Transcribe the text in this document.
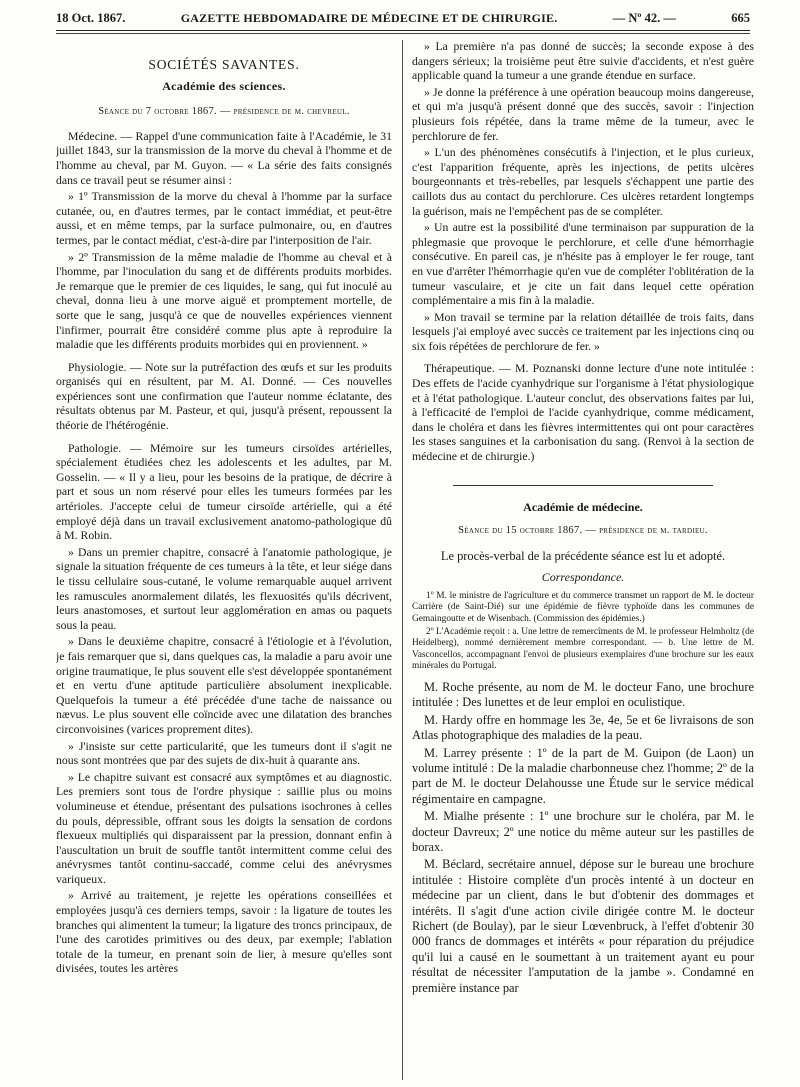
18 Oct. 1867.	GAZETTE HEBDOMADAIRE DE MÉDECINE ET DE CHIRURGIE.	— Nº 42. —	665
SOCIÉTÉS SAVANTES.
Académie des sciences.
Séance du 7 octobre 1867. — présidence de m. chevreul.

Médecine. — Rappel d'une communication faite à l'Académie, le 31 juillet 1843, sur la transmission de la morve du cheval à l'homme et de l'homme au cheval, par M. Guyon. — « La série des faits consignés dans ce travail peut se résumer ainsi :

» 1º Transmission de la morve du cheval à l'homme par la surface cutanée, ou, en d'autres termes, par le contact immédiat, et peut-être aussi, et en même temps, par la surface pulmonaire, ou, en d'autres termes, par le contact médiat, c'est-à-dire par l'interposition de l'air.

» 2º Transmission de la même maladie de l'homme au cheval et à l'homme, par l'inoculation du sang et de différents produits morbides. Je remarque que le premier de ces liquides, le sang, qui fut inoculé au cheval, donna lieu à une morve aiguë et promptement mortelle, de sorte que le sang, jusqu'à ce que de nouvelles expériences viennent l'infirmer, pourrait être considéré comme plus apte à reproduire la maladie que les différents produits morbides qui en proviennent. »

Physiologie. — Note sur la putréfaction des œufs et sur les produits organisés qui en résultent, par M. Al. Donné. — Ces nouvelles expériences sont une confirmation que l'auteur nomme éclatante, des résultats obtenus par M. Pasteur, et qui, jusqu'à présent, repoussent la théorie de l'hétérogénie.

Pathologie. — Mémoire sur les tumeurs cirsoïdes artérielles, spécialement étudiées chez les adolescents et les adultes, par M. Gosselin. — « Il y a lieu, pour les besoins de la pratique, de décrire à part et sous un nom réservé pour elles les tumeurs formées par les artérioles. J'accepte celui de tumeur cirsoïde artérielle, qui a été employé déjà dans un travail exclusivement anatomo-pathologique dû à M. Robin.

» Dans un premier chapitre, consacré à l'anatomie pathologique, je signale la situation fréquente de ces tumeurs à la tête, et leur siége dans le tissu cellulaire sous-cutané, le volume remarquable auquel arrivent les ramuscules anormalement dilatés, les flexuosités qu'ils décrivent, leurs anastomoses, et surtout leur agglomération en amas ou paquets sous la peau.

» Dans le deuxième chapitre, consacré à l'étiologie et à l'évolution, je fais remarquer que si, dans quelques cas, la maladie a paru avoir une origine traumatique, le plus souvent elle s'est développée spontanément et en vertu d'une aptitude particulière absolument inexplicable. Quelquefois la tumeur a été précédée d'une tache de naissance ou nævus. Le plus souvent elle coïncide avec une dilatation des branches circonvoisines (varices proprement dites).

» J'insiste sur cette particularité, que les tumeurs dont il s'agit ne nous sont montrées que par des sujets de dix-huit à quarante ans.

» Le chapitre suivant est consacré aux symptômes et au diagnostic. Les premiers sont tous de l'ordre physique : saillie plus ou moins volumineuse et étendue, présentant des pulsations isochrones à celles du pouls, dépressible, offrant sous les doigts la sensation de cordons flexueux multipliés qui disparaissent par la pression, donnant enfin à l'auscultation un bruit de souffle tantôt intermittent comme celui des anévrysmes tantôt continu-saccadé, comme celui des anévrysmes variqueux.

» Arrivé au traitement, je rejette les opérations conseillées et employées jusqu'à ces derniers temps, savoir : la ligature de toutes les branches qui alimentent la tumeur; la ligature des troncs principaux, de l'une des carotides primitives ou des deux, par exemple; l'ablation totale de la tumeur, en prenant soin de lier, à mesure qu'elles sont divisées, toutes les artères

» La première n'a pas donné de succès; la seconde expose à des dangers sérieux; la troisième peut être suivie d'accidents, et n'est guère applicable quand la tumeur a une grande étendue en surface.

» Je donne la préférence à une opération beaucoup moins dangereuse, et qui m'a jusqu'à présent donné que des succès, savoir : l'injection plusieurs fois répétée, dans la trame même de la tumeur, avec le perchlorure de fer.

» L'un des phénomènes consécutifs à l'injection, et le plus curieux, c'est l'apparition fréquente, après les injections, de petits ulcères bourgeonnants et très-rebelles, par lesquels s'échappent une partie des caillots dus au contact du perchlorure. Ces ulcères retardent longtemps la guérison, mais ne l'empêchent pas de se compléter.

» Un autre est la possibilité d'une terminaison par suppuration de la phlegmasie que provoque le perchlorure, et celle d'une hémorrhagie consécutive. En pareil cas, je n'hésite pas à employer le fer rouge, tant en vue d'arrêter l'hémorrhagie qu'en vue de compléter l'oblitération de la tumeur vasculaire, et je cite un fait dans lequel cette opération complémentaire a mis fin à la maladie.

» Mon travail se termine par la relation détaillée de trois faits, dans lesquels j'ai employé avec succès ce traitement par les injections cinq ou six fois répétées de perchlorure de fer. »

Thérapeutique. — M. Poznanski donne lecture d'une note intitulée : Des effets de l'acide cyanhydrique sur l'organisme à l'état physiologique et à l'état pathologique. L'auteur conclut, des observations faites par lui, à l'efficacité de l'emploi de l'acide cyanhydrique, comme médicament, dans le choléra et dans les fièvres intermittentes qui ont pour caractères les stases sanguines et la carbonisation du sang. (Renvoi à la section de médecine et de chirurgie.)

Académie de médecine.
Séance du 15 octobre 1867. — présidence de m. tardieu.

Le procès-verbal de la précédente séance est lu et adopté.

Correspondance.

1º M. le ministre de l'agriculture et du commerce transmet un rapport de M. le docteur Carrière (de Saint-Dié) sur une épidémie de fièvre typhoïde dans les communes de Gemaingoutte et de Wisenbach. (Commission des épidémies.)

2º L'Académie reçoit : a. Une lettre de remercîments de M. le professeur Helmholtz (de Heidelberg), nommé dernièrement membre correspondant. — b. Une lettre de M. Vasconcellos, accompagnant l'envoi de plusieurs exemplaires d'une brochure sur les eaux minérales du Portugal.

M. Roche présente, au nom de M. le docteur Fano, une brochure intitulée : Des lunettes et de leur emploi en oculistique.

M. Hardy offre en hommage les 3e, 4e, 5e et 6e livraisons de son Atlas photographique des maladies de la peau.

M. Larrey présente : 1º de la part de M. Guipon (de Laon) un volume intitulé : De la maladie charbonneuse chez l'homme; 2º de la part de M. le docteur Delahousse une Étude sur le service médical régimentaire en campagne.

M. Mialhe présente : 1º une brochure sur le choléra, par M. le docteur Davreux; 2º une notice du même auteur sur les pastilles de borax.

M. Béclard, secrétaire annuel, dépose sur le bureau une brochure intitulée : Histoire complète d'un procès intenté à un docteur en médecine par un client, dans le but d'obtenir des dommages et intérêts. Il s'agit d'une action civile dirigée contre M. le docteur Richert (de Boulay), par le sieur Lœvenbruck, à l'effet d'obtenir 30 000 francs de dommages et intérêts « pour réparation du préjudice qu'il lui a causé en le soumettant à un traitement ayant eu pour résultat de nécessiter l'amputation de la jambe ». Condamné en première instance par
